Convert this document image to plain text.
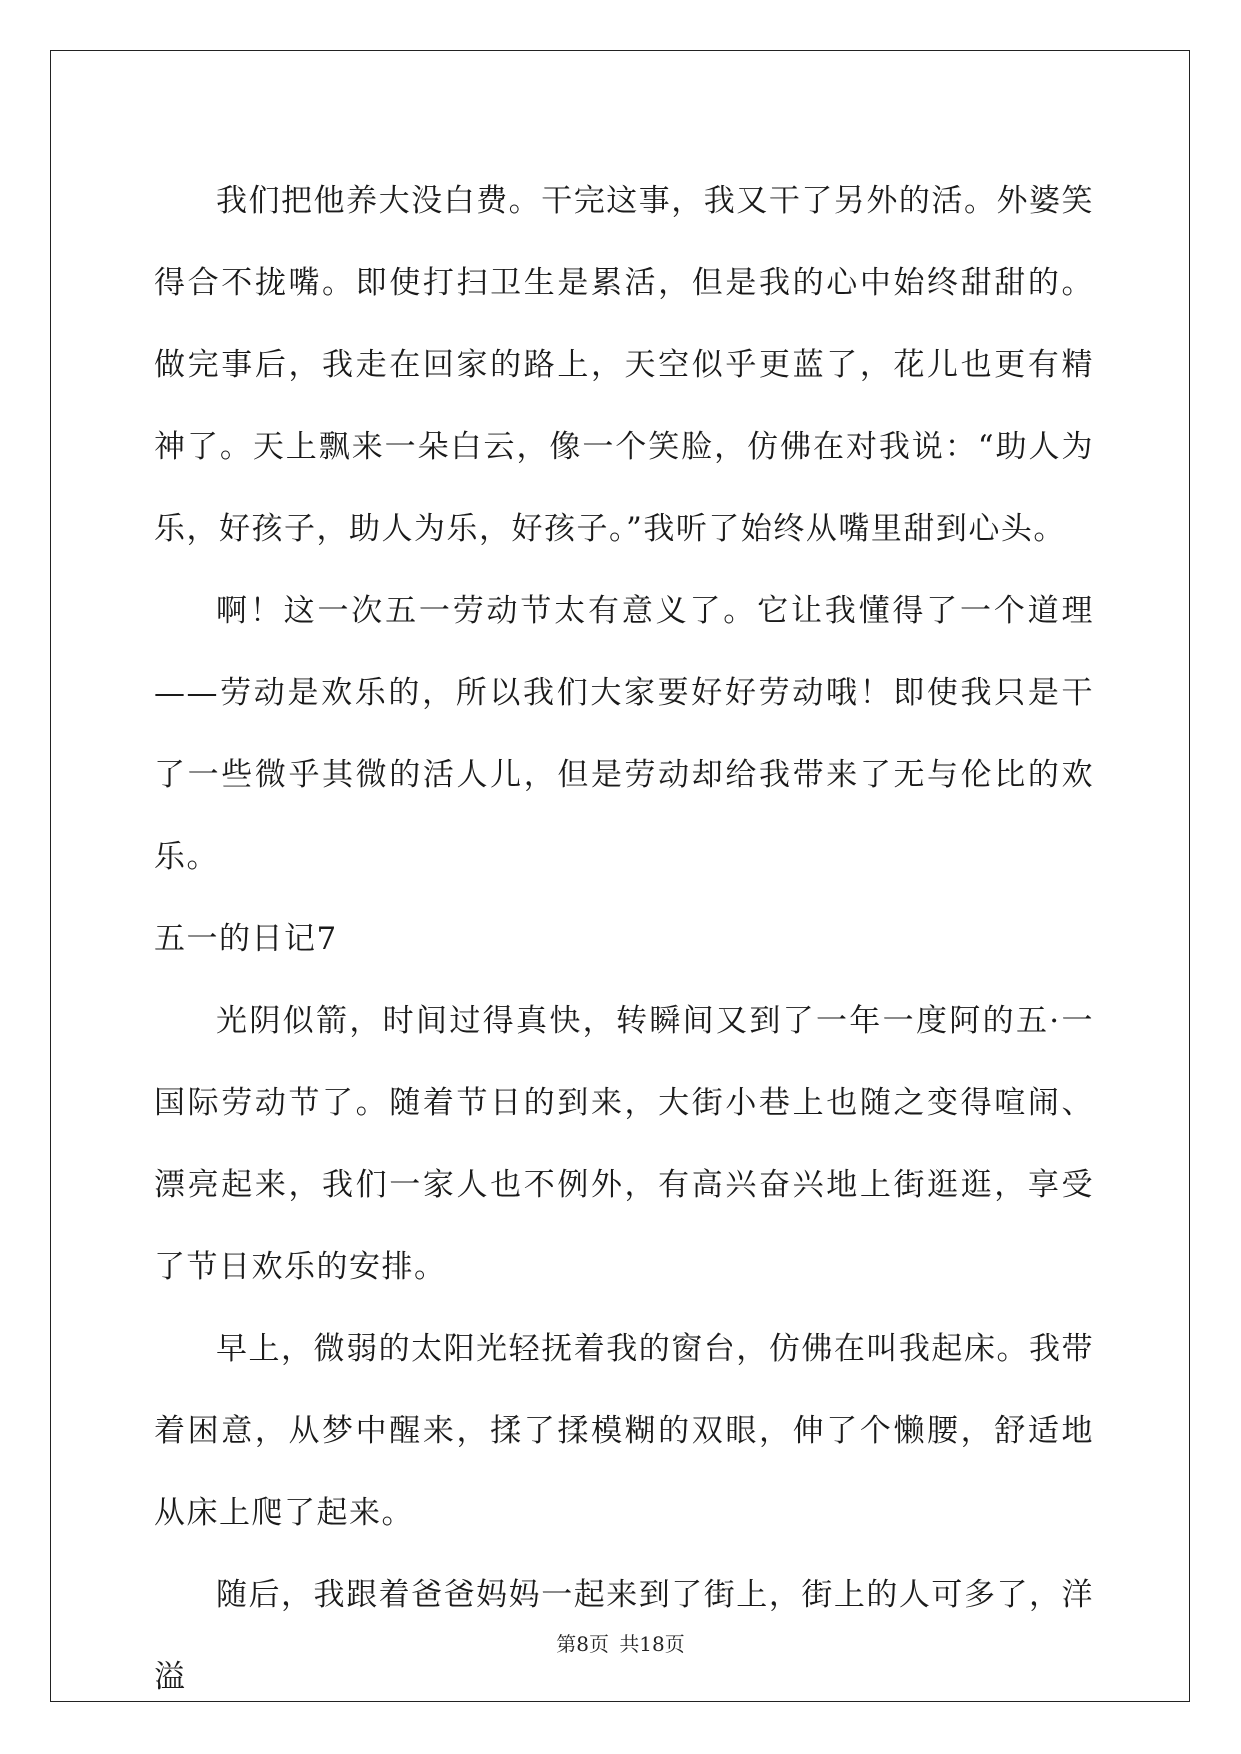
我们把他养大没白费。干完这事，我又干了另外的活。外婆笑得合不拢嘴。即使打扫卫生是累活，但是我的心中始终甜甜的。做完事后，我走在回家的路上，天空似乎更蓝了，花儿也更有精神了。天上飘来一朵白云，像一个笑脸，仿佛在对我说：“助人为乐，好孩子，助人为乐，好孩子。”我听了始终从嘴里甜到心头。

啊！这一次五一劳动节太有意义了。它让我懂得了一个道理——劳动是欢乐的，所以我们大家要好好劳动哦！即使我只是干了一些微乎其微的活人儿，但是劳动却给我带来了无与伦比的欢乐。

五一的日记7

光阴似箭，时间过得真快，转瞬间又到了一年一度阿的五·一国际劳动节了。随着节日的到来，大街小巷上也随之变得喧闹、漂亮起来，我们一家人也不例外，有高兴奋兴地上街逛逛，享受了节日欢乐的安排。

早上，微弱的太阳光轻抚着我的窗台，仿佛在叫我起床。我带着困意，从梦中醒来，揉了揉模糊的双眼，伸了个懒腰，舒适地从床上爬了起来。

随后，我跟着爸爸妈妈一起来到了街上，街上的人可多了，洋溢

第8页 共18页
